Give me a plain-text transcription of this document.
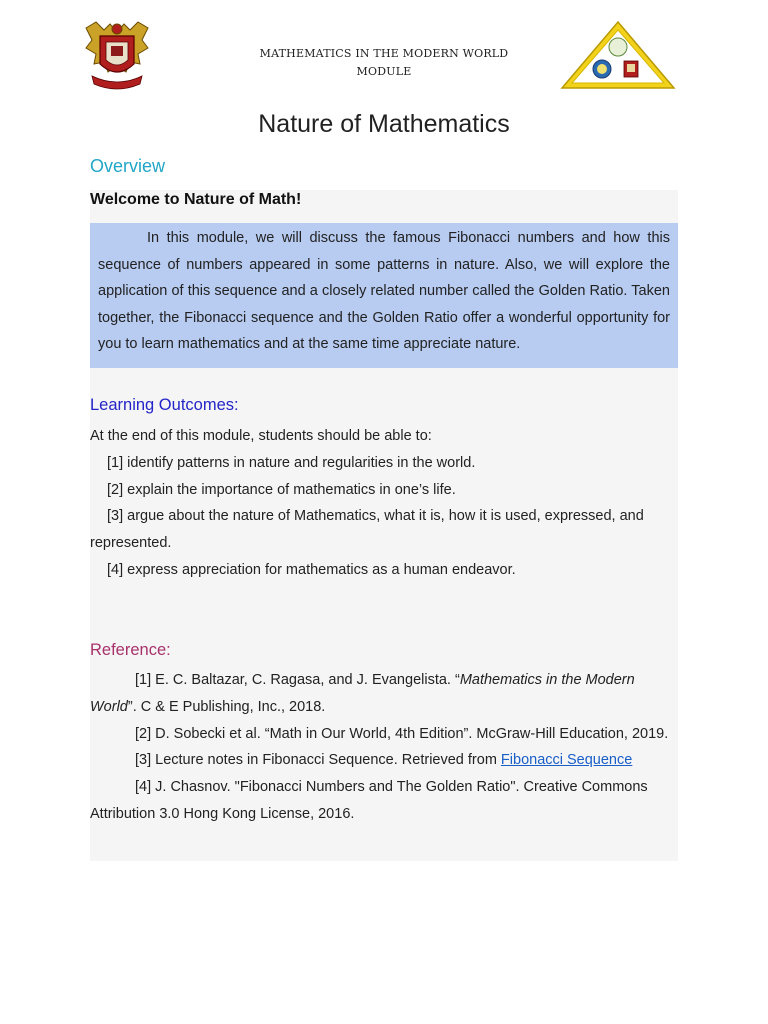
MATHEMATICS IN THE MODERN WORLD
MODULE
Nature of Mathematics
Overview
Welcome to Nature of Math!

In this module, we will discuss the famous Fibonacci numbers and how this sequence of numbers appeared in some patterns in nature. Also, we will explore the application of this sequence and a closely related number called the Golden Ratio. Taken together, the Fibonacci sequence and the Golden Ratio offer a wonderful opportunity for you to learn mathematics and at the same time appreciate nature.

Learning Outcomes:

At the end of this module, students should be able to:

[1] identify patterns in nature and regularities in the world.

[2] explain the importance of mathematics in one’s life.

[3] argue about the nature of Mathematics, what it is, how it is used, expressed, and represented.

[4] express appreciation for mathematics as a human endeavor.

Reference:

[1] E. C. Baltazar, C. Ragasa, and J. Evangelista. “Mathematics in the Modern World”. C & E Publishing, Inc., 2018.

[2] D. Sobecki et al. “Math in Our World, 4th Edition”. McGraw-Hill Education, 2019.

[3] Lecture notes in Fibonacci Sequence. Retrieved from Fibonacci Sequence

[4] J. Chasnov. "Fibonacci Numbers and The Golden Ratio". Creative Commons Attribution 3.0 Hong Kong License, 2016.
